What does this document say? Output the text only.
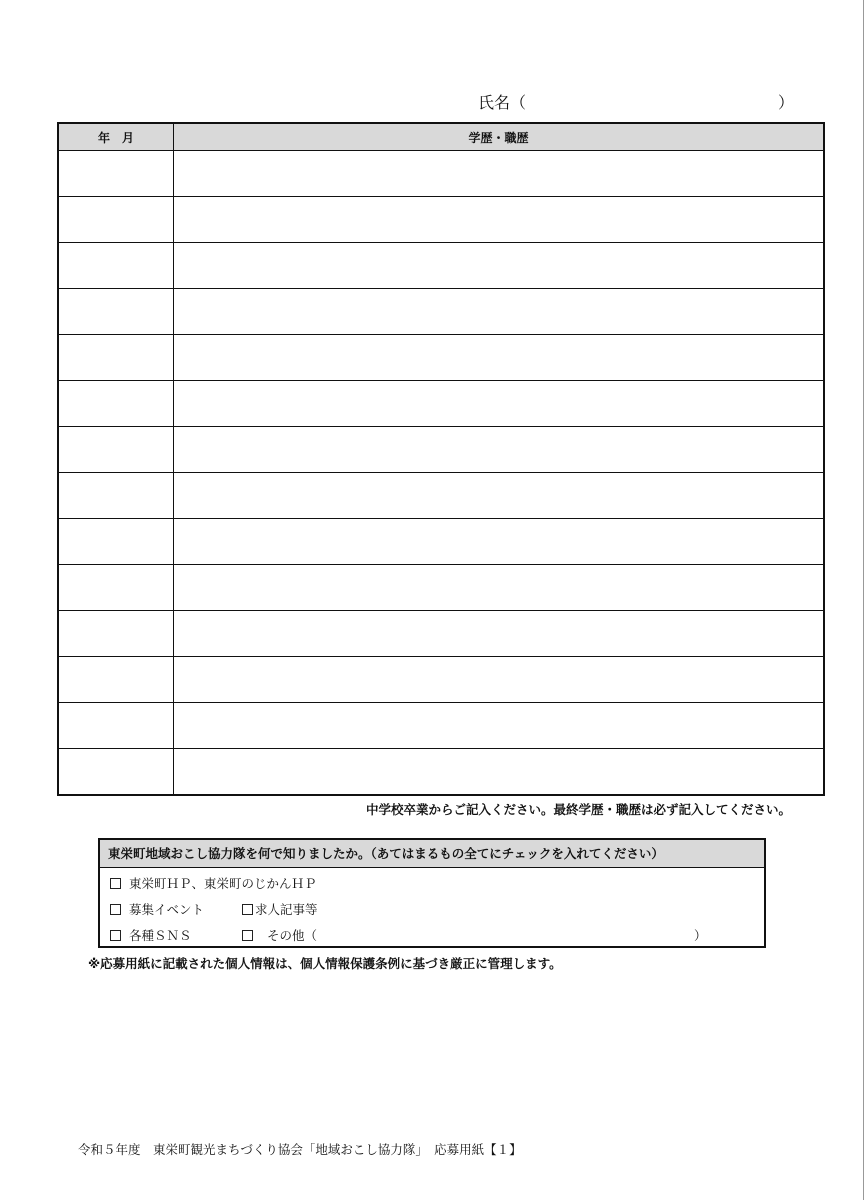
氏名（	）
年　月	学歴・職歴

中学校卒業からご記入ください。最終学歴・職歴は必ず記入してください。
東栄町地域おこし協力隊を何で知りましたか。（あてはまるもの全てにチェックを入れてください）
東栄町ＨＰ、東栄町のじかんＨＰ
募集イベント	求人記事等
各種ＳＮＳ	その他（	）
※応募用紙に記載された個人情報は、個人情報保護条例に基づき厳正に管理します。
令和５年度　東栄町観光まちづくり協会「地域おこし協力隊」　応募用紙【１】
